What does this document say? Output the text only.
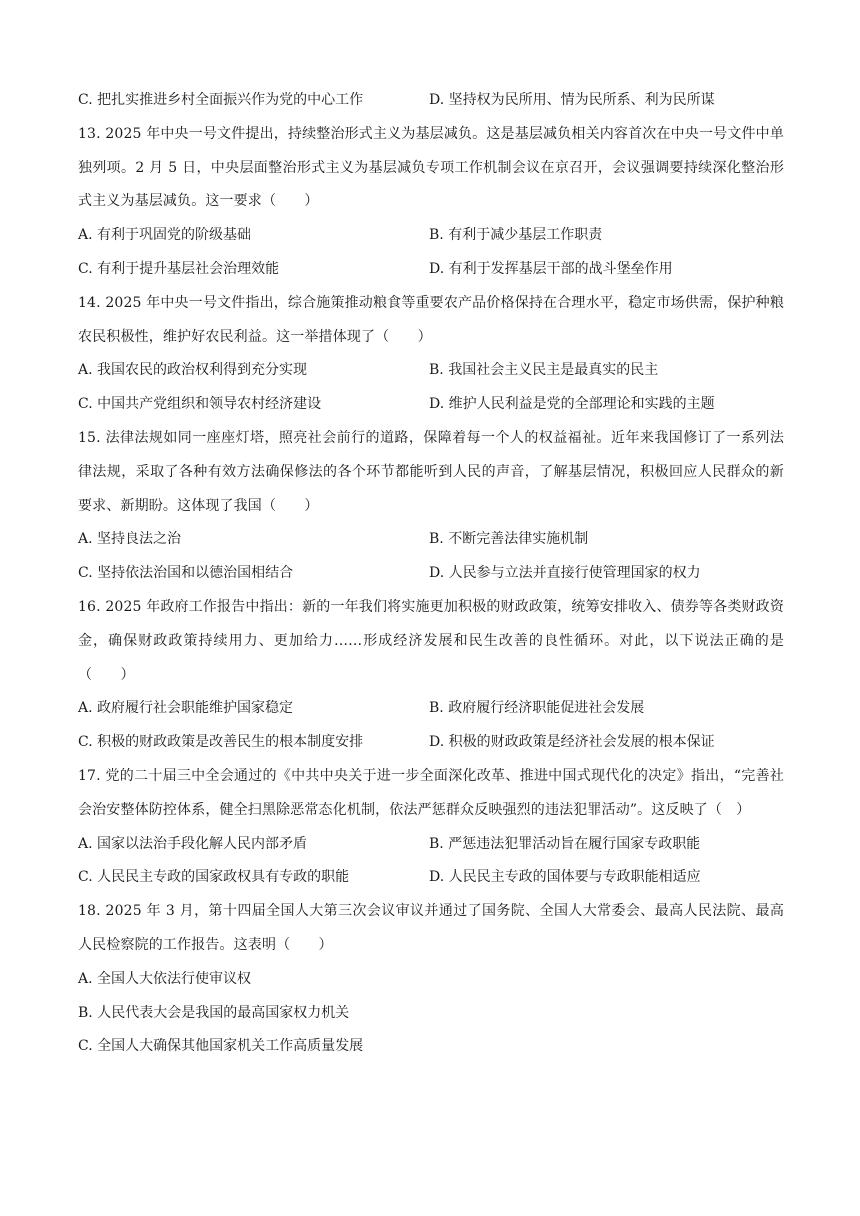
C. 把扎实推进乡村全面振兴作为党的中心工作	D. 坚持权为民所用、情为民所系、利为民所谋

13. 2025 年中央一号文件提出，持续整治形式主义为基层减负。这是基层减负相关内容首次在中央一号文件中单独列项。2 月 5 日，中央层面整治形式主义为基层减负专项工作机制会议在京召开，会议强调要持续深化整治形式主义为基层减负。这一要求（　　）

A. 有利于巩固党的阶级基础	B. 有利于减少基层工作职责
C. 有利于提升基层社会治理效能	D. 有利于发挥基层干部的战斗堡垒作用

14. 2025 年中央一号文件指出，综合施策推动粮食等重要农产品价格保持在合理水平，稳定市场供需，保护种粮农民积极性，维护好农民利益。这一举措体现了（　　）

A. 我国农民的政治权利得到充分实现	B. 我国社会主义民主是最真实的民主
C. 中国共产党组织和领导农村经济建设	D. 维护人民利益是党的全部理论和实践的主题

15. 法律法规如同一座座灯塔，照亮社会前行的道路，保障着每一个人的权益福祉。近年来我国修订了一系列法律法规，采取了各种有效方法确保修法的各个环节都能听到人民的声音，了解基层情况，积极回应人民群众的新要求、新期盼。这体现了我国（　　）

A. 坚持良法之治	B. 不断完善法律实施机制
C. 坚持依法治国和以德治国相结合	D. 人民参与立法并直接行使管理国家的权力

16. 2025 年政府工作报告中指出：新的一年我们将实施更加积极的财政政策，统筹安排收入、债券等各类财政资金，确保财政政策持续用力、更加给力……形成经济发展和民生改善的良性循环。对此，以下说法正确的是（　　）

A. 政府履行社会职能维护国家稳定	B. 政府履行经济职能促进社会发展
C. 积极的财政政策是改善民生的根本制度安排	D. 积极的财政政策是经济社会发展的根本保证

17. 党的二十届三中全会通过的《中共中央关于进一步全面深化改革、推进中国式现代化的决定》指出，“完善社会治安整体防控体系，健全扫黑除恶常态化机制，依法严惩群众反映强烈的违法犯罪活动”。这反映了（　）

A. 国家以法治手段化解人民内部矛盾	B. 严惩违法犯罪活动旨在履行国家专政职能
C. 人民民主专政的国家政权具有专政的职能	D. 人民民主专政的国体要与专政职能相适应

18. 2025 年 3 月，第十四届全国人大第三次会议审议并通过了国务院、全国人大常委会、最高人民法院、最高人民检察院的工作报告。这表明（　　）

A. 全国人大依法行使审议权
B. 人民代表大会是我国的最高国家权力机关
C. 全国人大确保其他国家机关工作高质量发展
